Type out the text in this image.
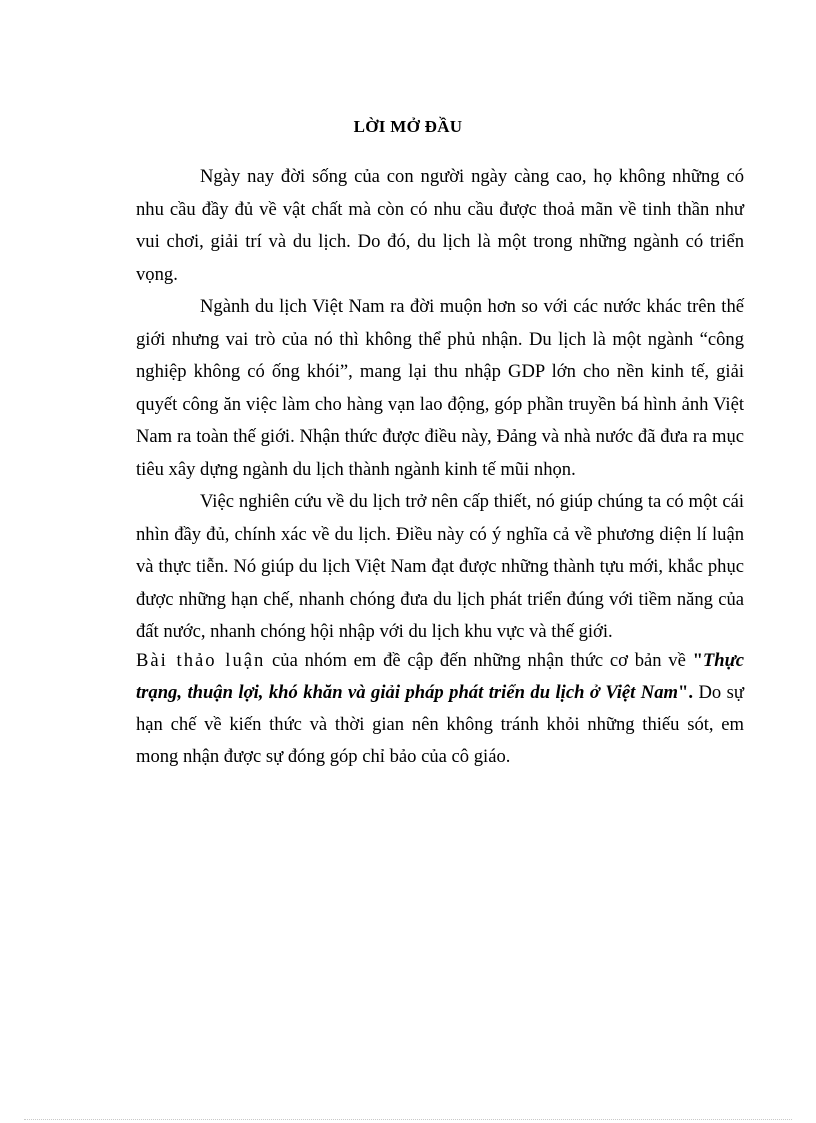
LỜI MỞ ĐẦU

Ngày nay đời sống của con người ngày càng cao, họ không những có nhu cầu đầy đủ về vật chất mà còn có nhu cầu được thoả mãn về tinh thần như vui chơi, giải trí và du lịch. Do đó, du lịch là một trong những ngành có triển vọng.

Ngành du lịch Việt Nam ra đời muộn hơn so với các nước khác trên thế giới nhưng vai trò của nó thì không thể phủ nhận. Du lịch là một ngành “công nghiệp không có ống khói”, mang lại thu nhập GDP lớn cho nền kinh tế, giải quyết công ăn việc làm cho hàng vạn lao động, góp phần truyền bá hình ảnh Việt Nam ra toàn thế giới. Nhận thức được điều này, Đảng và nhà nước đã đưa ra mục tiêu xây dựng ngành du lịch thành ngành kinh tế mũi nhọn.

Việc nghiên cứu về du lịch trở nên cấp thiết, nó giúp chúng ta có một cái nhìn đầy đủ, chính xác về du lịch. Điều này có ý nghĩa cả về phương diện lí luận và thực tiễn. Nó giúp du lịch Việt Nam đạt được những thành tựu mới, khắc phục được những hạn chế, nhanh chóng đưa du lịch phát triển đúng với tiềm năng của đất nước, nhanh chóng hội nhập với du lịch khu vực và thế giới.

Bài thảo luận của nhóm em đề cập đến những nhận thức cơ bản về "Thực trạng, thuận lợi, khó khăn và giải pháp phát triển du lịch ở Việt Nam". Do sự hạn chế về kiến thức và thời gian nên không tránh khỏi những thiếu sót, em mong nhận được sự đóng góp chỉ bảo của cô giáo.
